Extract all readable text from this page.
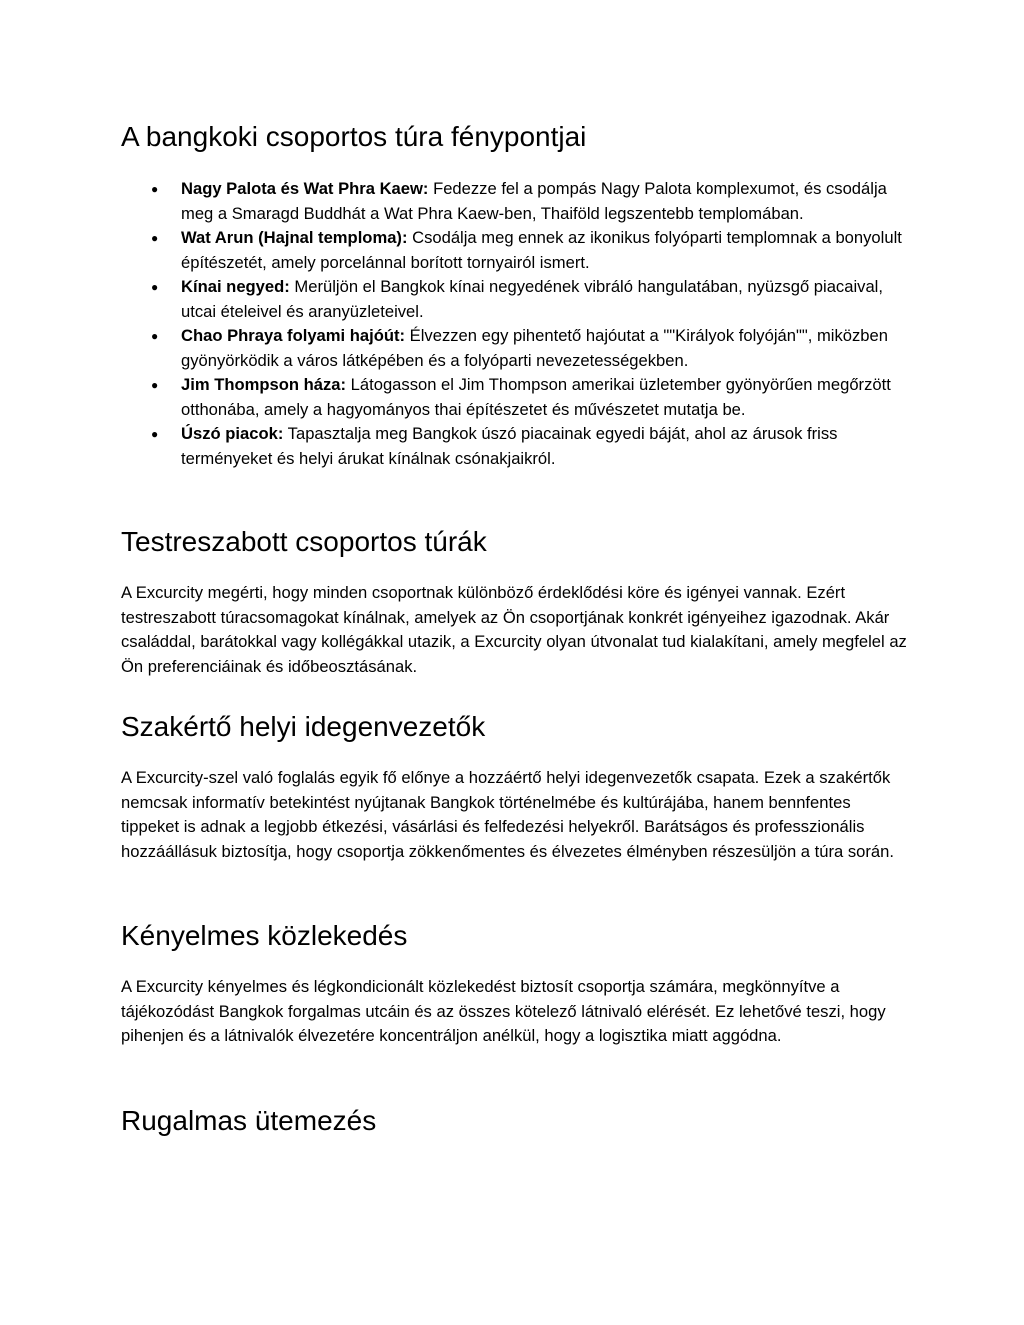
A bangkoki csoportos túra fénypontjai
● Nagy Palota és Wat Phra Kaew: Fedezze fel a pompás Nagy Palota komplexumot, és csodálja meg a Smaragd Buddhát a Wat Phra Kaew-ben, Thaiföld legszentebb templomában.
● Wat Arun (Hajnal temploma): Csodálja meg ennek az ikonikus folyóparti templomnak a bonyolult építészetét, amely porcelánnal borított tornyairól ismert.
● Kínai negyed: Merüljön el Bangkok kínai negyedének vibráló hangulatában, nyüzsgő piacaival, utcai ételeivel és aranyüzleteivel.
● Chao Phraya folyami hajóút: Élvezzen egy pihentető hajóutat a ""Királyok folyóján"", miközben gyönyörködik a város látképében és a folyóparti nevezetességekben.
● Jim Thompson háza: Látogasson el Jim Thompson amerikai üzletember gyönyörűen megőrzött otthonába, amely a hagyományos thai építészetet és művészetet mutatja be.
● Úszó piacok: Tapasztalja meg Bangkok úszó piacainak egyedi báját, ahol az árusok friss terményeket és helyi árukat kínálnak csónakjaikról.
Testreszabott csoportos túrák

A Excurcity megérti, hogy minden csoportnak különböző érdeklődési köre és igényei vannak. Ezért testreszabott túracsomagokat kínálnak, amelyek az Ön csoportjának konkrét igényeihez igazodnak. Akár családdal, barátokkal vagy kollégákkal utazik, a Excurcity olyan útvonalat tud kialakítani, amely megfelel az Ön preferenciáinak és időbeosztásának.

Szakértő helyi idegenvezetők

A Excurcity-szel való foglalás egyik fő előnye a hozzáértő helyi idegenvezetők csapata. Ezek a szakértők nemcsak informatív betekintést nyújtanak Bangkok történelmébe és kultúrájába, hanem bennfentes tippeket is adnak a legjobb étkezési, vásárlási és felfedezési helyekről. Barátságos és professzionális hozzáállásuk biztosítja, hogy csoportja zökkenőmentes és élvezetes élményben részesüljön a túra során.

Kényelmes közlekedés

A Excurcity kényelmes és légkondicionált közlekedést biztosít csoportja számára, megkönnyítve a tájékozódást Bangkok forgalmas utcáin és az összes kötelező látnivaló elérését. Ez lehetővé teszi, hogy pihenjen és a látnivalók élvezetére koncentráljon anélkül, hogy a logisztika miatt aggódna.

Rugalmas ütemezés
